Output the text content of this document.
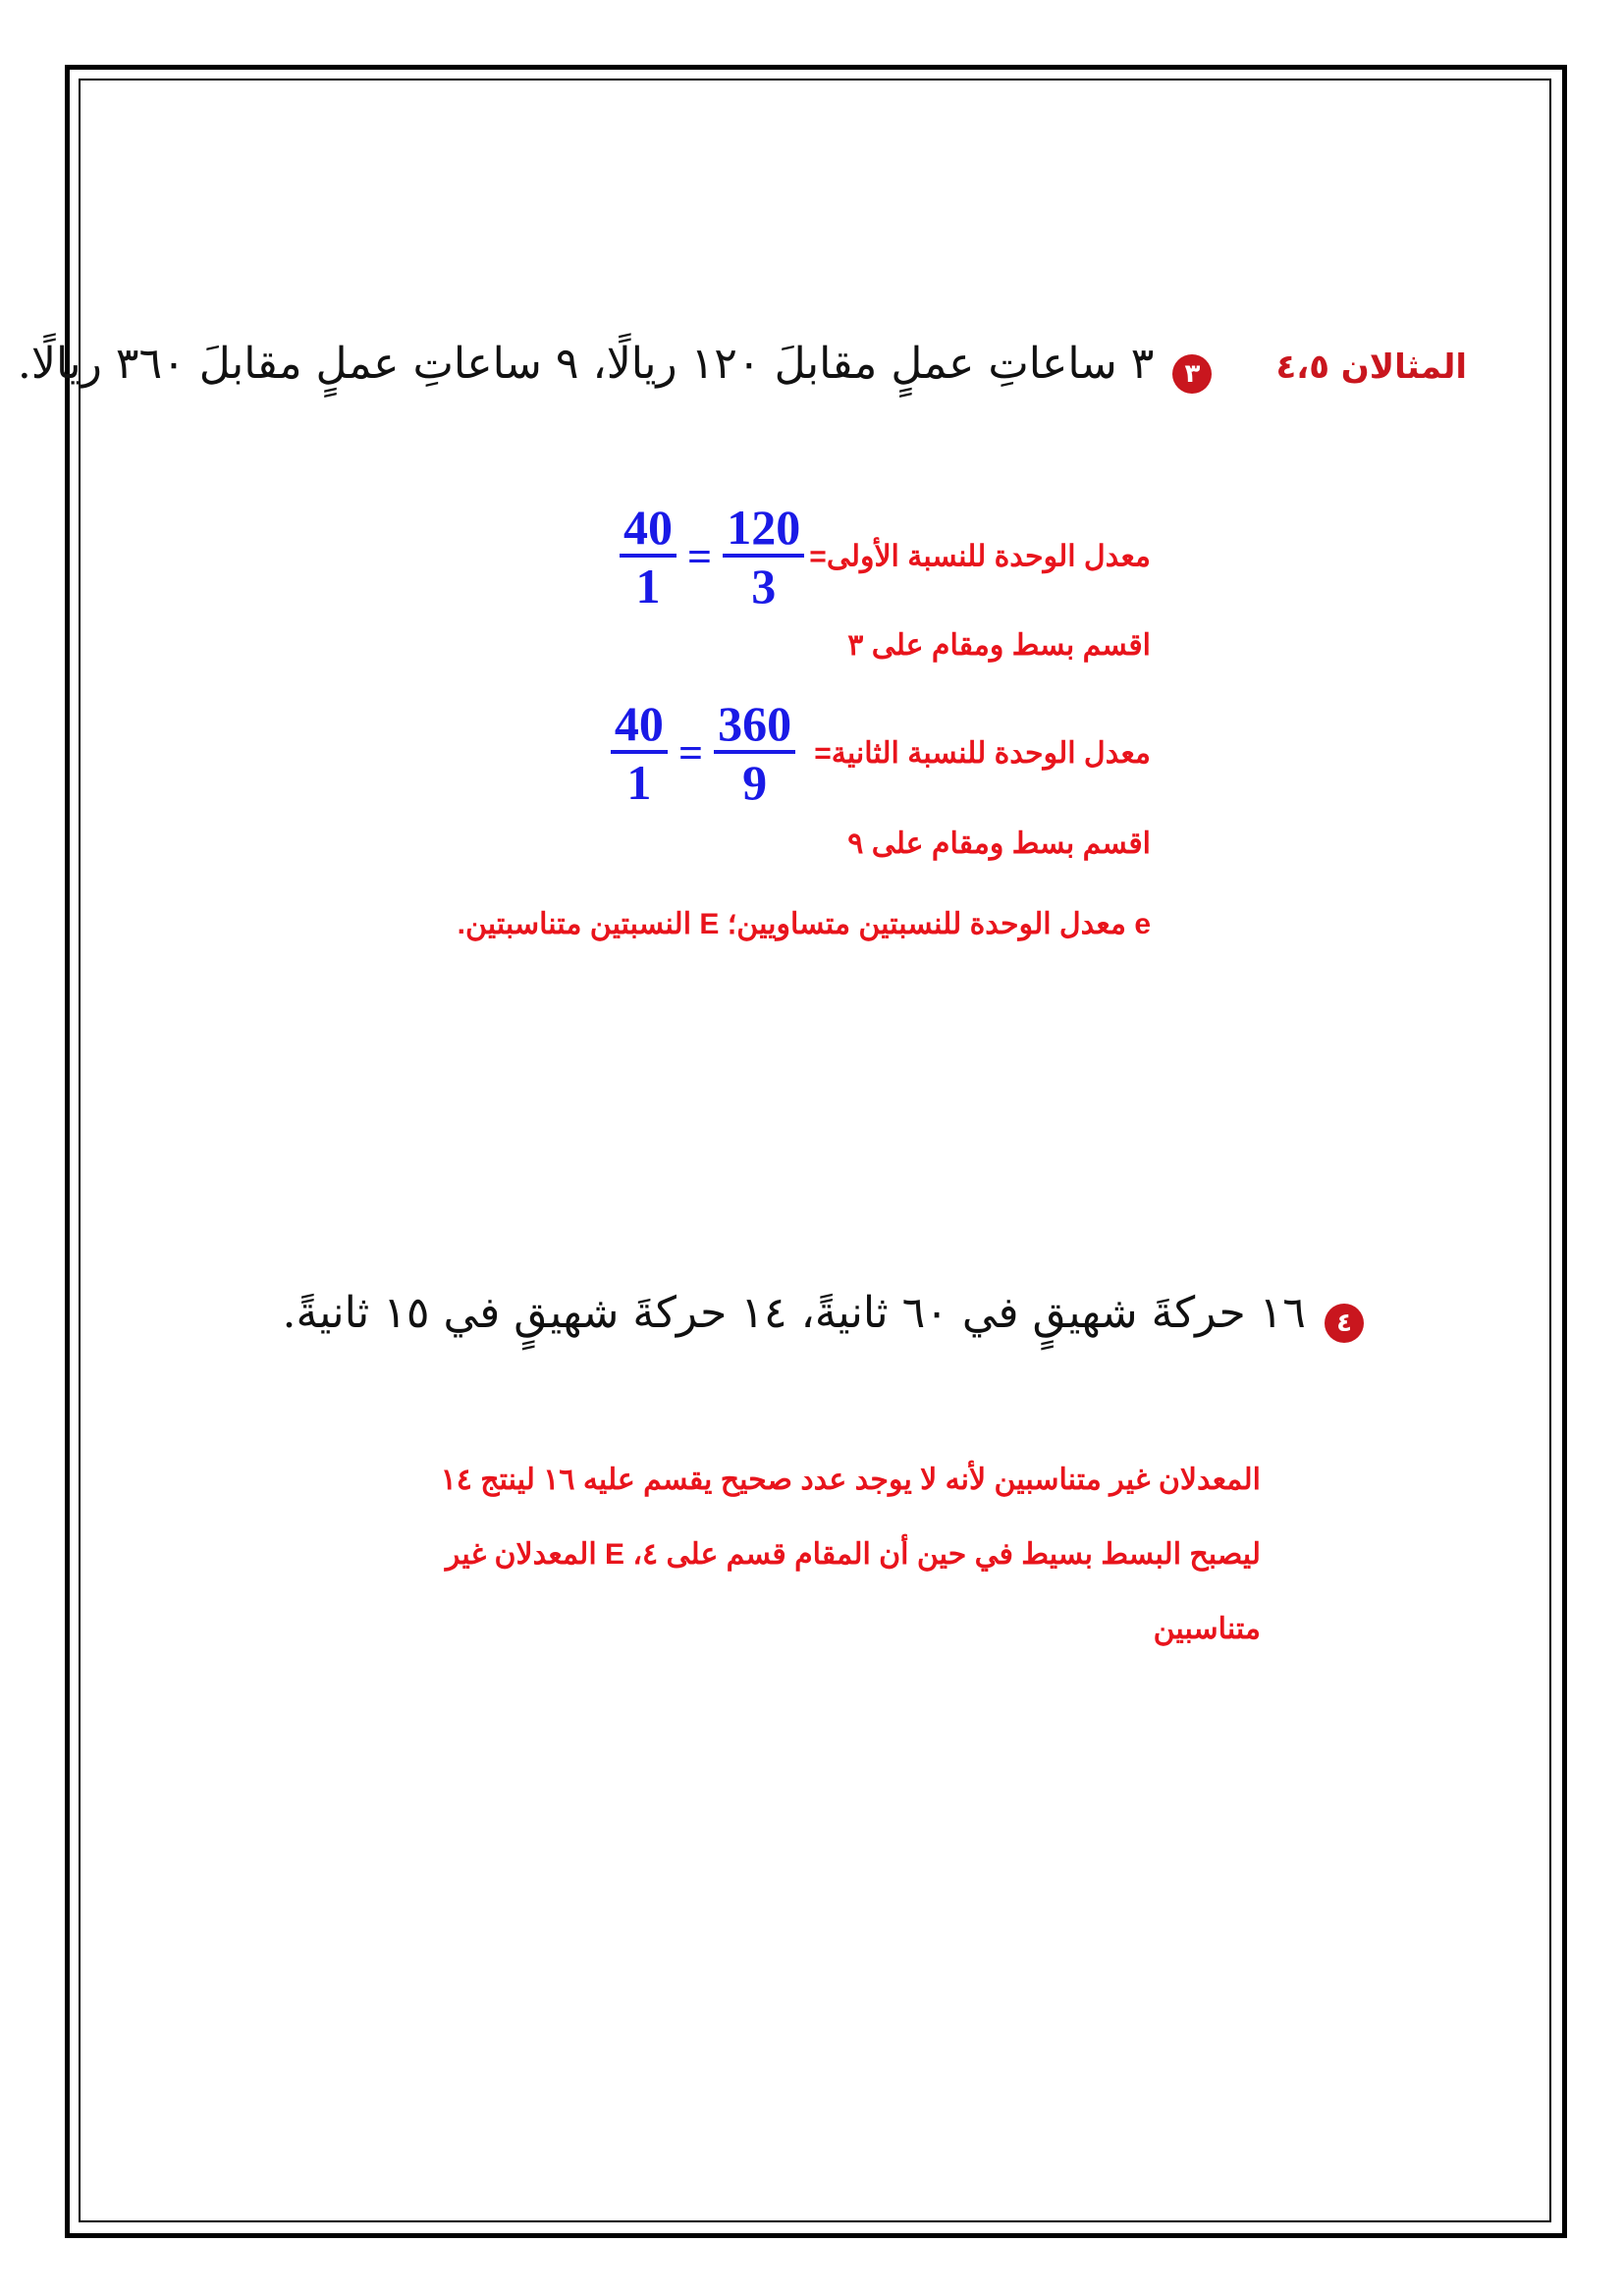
المثالان ٤،٥ ٣ ٣ ساعاتِ عملٍ مقابلَ ١٢٠ ريالًا، ٩ ساعاتِ عملٍ مقابلَ ٣٦٠ ريالًا.
معدل الوحدة للنسبة الأولى=
$\frac{40}{1} = \frac{120}{3}$
اقسم بسط ومقام على ٣
معدل الوحدة للنسبة الثانية=
$\frac{40}{1} = \frac{360}{9}$
اقسم بسط ومقام على ٩
e معدل الوحدة للنسبتين متساويين؛ E النسبتين متناسبتين.
٤ ١٦ حركةَ شهيقٍ في ٦٠ ثانيةً، ١٤ حركةَ شهيقٍ في ١٥ ثانيةً.
المعدلان غير متناسبين لأنه لا يوجد عدد صحيح يقسم عليه ١٦ لينتج ١٤
ليصبح البسط بسيط في حين أن المقام قسم على ٤، E المعدلان غير
متناسبين
